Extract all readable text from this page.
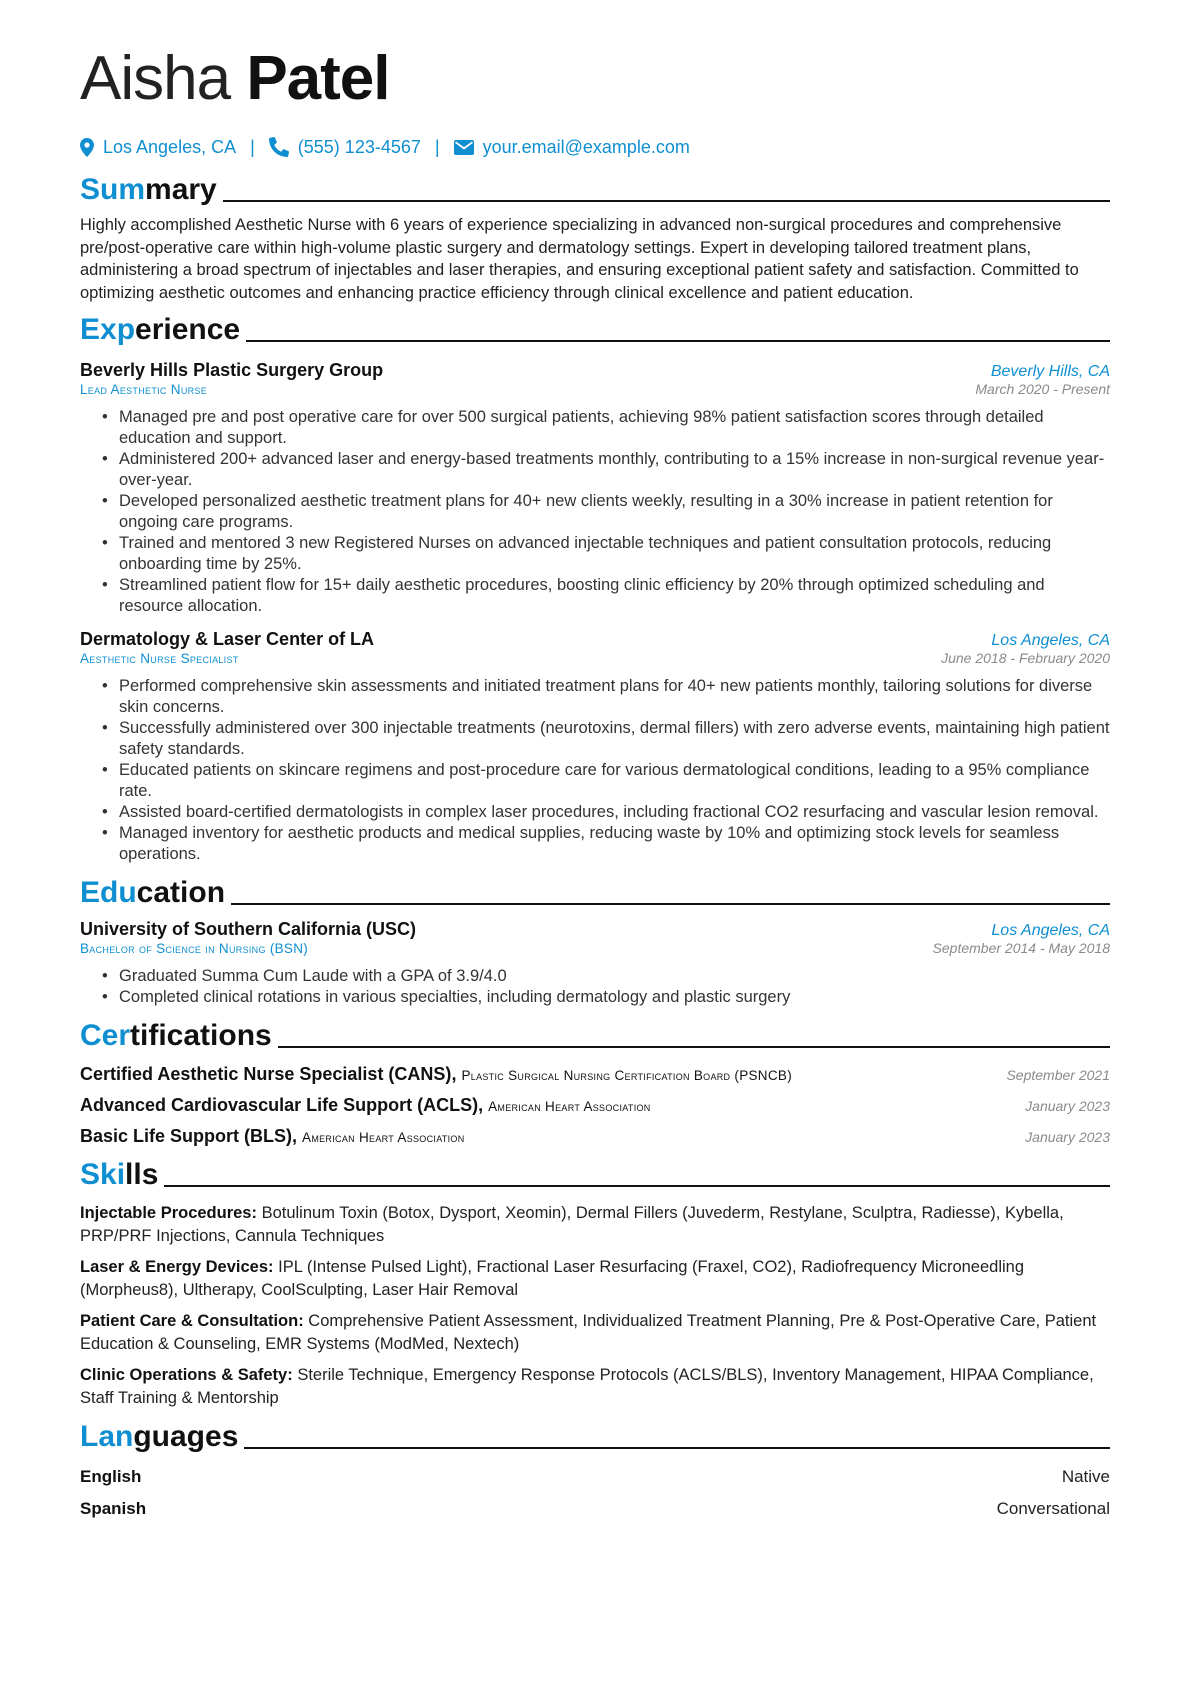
Aisha Patel
Los Angeles, CA | (555) 123-4567 | your.email@example.com
Summary
Highly accomplished Aesthetic Nurse with 6 years of experience specializing in advanced non-surgical procedures and comprehensive pre/post-operative care within high-volume plastic surgery and dermatology settings. Expert in developing tailored treatment plans, administering a broad spectrum of injectables and laser therapies, and ensuring exceptional patient safety and satisfaction. Committed to optimizing aesthetic outcomes and enhancing practice efficiency through clinical excellence and patient education.
Experience
Beverly Hills Plastic Surgery Group	Beverly Hills, CA
Lead Aesthetic Nurse	March 2020 - Present
• Managed pre and post operative care for over 500 surgical patients, achieving 98% patient satisfaction scores through detailed education and support.
• Administered 200+ advanced laser and energy-based treatments monthly, contributing to a 15% increase in non-surgical revenue year-over-year.
• Developed personalized aesthetic treatment plans for 40+ new clients weekly, resulting in a 30% increase in patient retention for ongoing care programs.
• Trained and mentored 3 new Registered Nurses on advanced injectable techniques and patient consultation protocols, reducing onboarding time by 25%.
• Streamlined patient flow for 15+ daily aesthetic procedures, boosting clinic efficiency by 20% through optimized scheduling and resource allocation.
Dermatology & Laser Center of LA	Los Angeles, CA
Aesthetic Nurse Specialist	June 2018 - February 2020
• Performed comprehensive skin assessments and initiated treatment plans for 40+ new patients monthly, tailoring solutions for diverse skin concerns.
• Successfully administered over 300 injectable treatments (neurotoxins, dermal fillers) with zero adverse events, maintaining high patient safety standards.
• Educated patients on skincare regimens and post-procedure care for various dermatological conditions, leading to a 95% compliance rate.
• Assisted board-certified dermatologists in complex laser procedures, including fractional CO2 resurfacing and vascular lesion removal.
• Managed inventory for aesthetic products and medical supplies, reducing waste by 10% and optimizing stock levels for seamless operations.
Education
University of Southern California (USC)	Los Angeles, CA
Bachelor of Science in Nursing (BSN)	September 2014 - May 2018
• Graduated Summa Cum Laude with a GPA of 3.9/4.0
• Completed clinical rotations in various specialties, including dermatology and plastic surgery
Certifications
Certified Aesthetic Nurse Specialist (CANS), Plastic Surgical Nursing Certification Board (PSNCB)	September 2021
Advanced Cardiovascular Life Support (ACLS), American Heart Association	January 2023
Basic Life Support (BLS), American Heart Association	January 2023
Skills
Injectable Procedures: Botulinum Toxin (Botox, Dysport, Xeomin), Dermal Fillers (Juvederm, Restylane, Sculptra, Radiesse), Kybella, PRP/PRF Injections, Cannula Techniques
Laser & Energy Devices: IPL (Intense Pulsed Light), Fractional Laser Resurfacing (Fraxel, CO2), Radiofrequency Microneedling (Morpheus8), Ultherapy, CoolSculpting, Laser Hair Removal
Patient Care & Consultation: Comprehensive Patient Assessment, Individualized Treatment Planning, Pre & Post-Operative Care, Patient Education & Counseling, EMR Systems (ModMed, Nextech)
Clinic Operations & Safety: Sterile Technique, Emergency Response Protocols (ACLS/BLS), Inventory Management, HIPAA Compliance, Staff Training & Mentorship
Languages
English	Native
Spanish	Conversational
